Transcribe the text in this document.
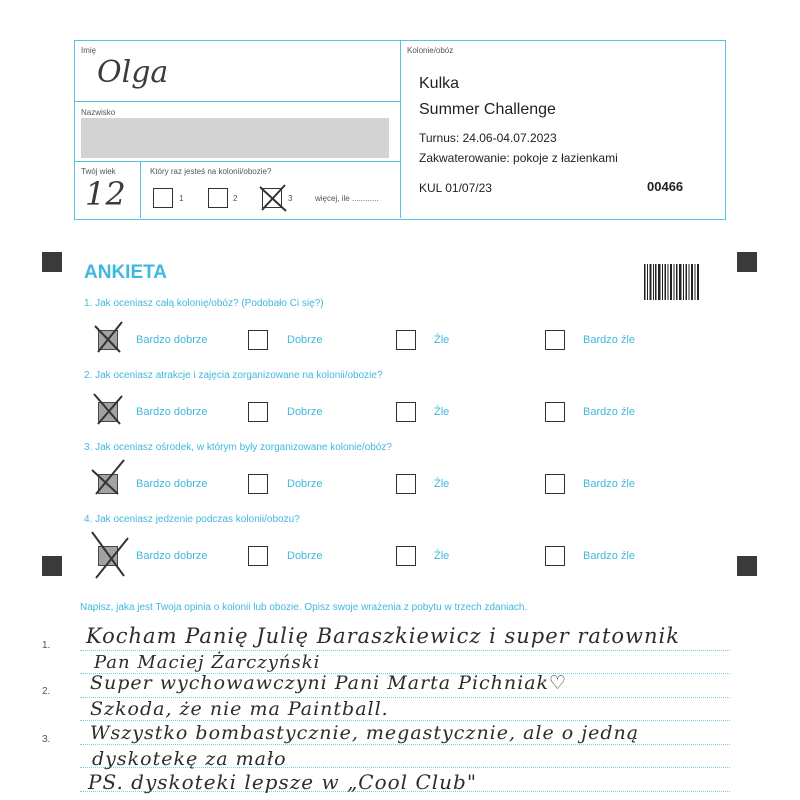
Imię
Olga
Nazwisko
Twój wiek
12
Który raz jesteś na kolonii/obozie?
1	2	3	więcej, ile ............
Kolonie/obóz
Kulka
Summer Challenge
Turnus: 24.06-04.07.2023
Zakwaterowanie: pokoje z łazienkami
KUL 01/07/23	00466
ANKIETA
1. Jak oceniasz całą kolonię/obóz? (Podobało Ci się?)
Bardzo dobrze	Dobrze	Źle	Bardzo źle
2. Jak oceniasz atrakcje i zajęcia zorganizowane na kolonii/obozie?
Bardzo dobrze	Dobrze	Źle	Bardzo źle
3. Jak oceniasz ośrodek, w którym były zorganizowane kolonie/obóz?
Bardzo dobrze	Dobrze	Źle	Bardzo źle
4. Jak oceniasz jedzenie podczas kolonii/obozu?
Bardzo dobrze	Dobrze	Źle	Bardzo źle
Napisz, jaka jest Twoja opinia o kolonii lub obozie. Opisz swoje wrażenia z pobytu w trzech zdaniach.
1.
2.
3.
Kocham Panię Julię Baraszkiewicz i super ratownik
Pan Maciej Żarczyński
Super wychowawczyni Pani Marta Pichniak♡
Szkoda, że nie ma Paintball.
Wszystko bombastycznie, megastycznie, ale o jedną
dyskotekę za mało
PS. dyskoteki lepsze w „Cool Club"
